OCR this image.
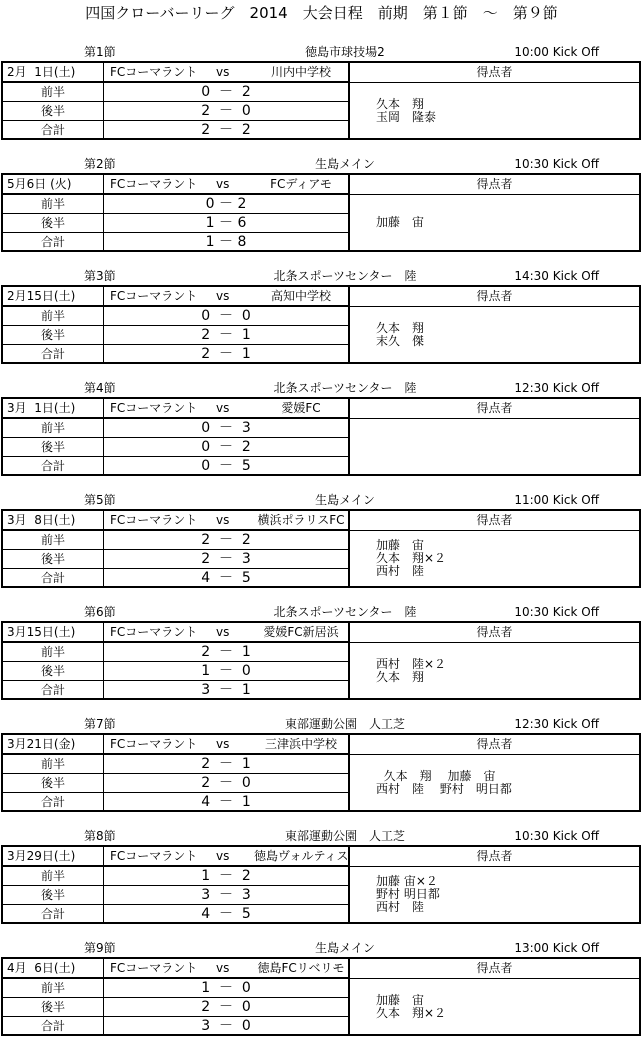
四国クローバーリーグ　2014　大会日程　前期　第１節　～　第９節
第1節	徳島市球技場2	10:00 Kick Off
2月  1日(土)	FCコーマラント vs	川内中学校	得点者
前半	0  －  2
後半	2  －  0
合計	2  －  2
久本　翔
玉岡　隆泰
第2節	生島メイン	10:30 Kick Off
5月6日 (火)	FCコーマラント vs	FCディアモ	得点者
前半	0 － 2
後半	1 － 6
合計	1 － 8
加藤　宙
第3節	北条スポーツセンター　陸	14:30 Kick Off
2月15日(土)	FCコーマラント vs	高知中学校	得点者
前半	0  －  0
後半	2  －  1
合計	2  －  1
久本　翔
末久　傑
第4節	北条スポーツセンター　陸	12:30 Kick Off
3月  1日(土)	FCコーマラント vs	愛媛FC	得点者
前半	0  －  3
後半	0  －  2
合計	0  －  5
第5節	生島メイン	11:00 Kick Off
3月  8日(土)	FCコーマラント vs 横浜ポラリスFC	得点者
前半	2  －  2
後半	2  －  3
合計	4  －  5
加藤　宙
久本　翔×２
西村　陸
第6節	北条スポーツセンター　陸	10:30 Kick Off
3月15日(土)	FCコーマラント vs	愛媛FC新居浜	得点者
前半	2  －  1
後半	1  －  0
合計	3  －  1
西村　陸×２
久本　翔
第7節	東部運動公園　人工芝	12:30 Kick Off
3月21日(金)	FCコーマラント vs	三津浜中学校	得点者
前半	2  －  1
後半	2  －  0
合計	4  －  1
久本　翔　 加藤　宙
西村　陸　 野村　明日都
第8節	東部運動公園　人工芝	10:30 Kick Off
3月29日(土)	FCコーマラント vs 徳島ヴォルティス	得点者
前半	1  －  2
後半	3  －  3
合計	4  －  5
加藤 宙×２
野村 明日都
西村　陸
第9節	生島メイン	13:00 Kick Off
4月  6日(土)	FCコーマラント vs 徳島FCリベリモ	得点者
前半	1  －  0
後半	2  －  0
合計	3  －  0
加藤　宙
久本　翔×２
